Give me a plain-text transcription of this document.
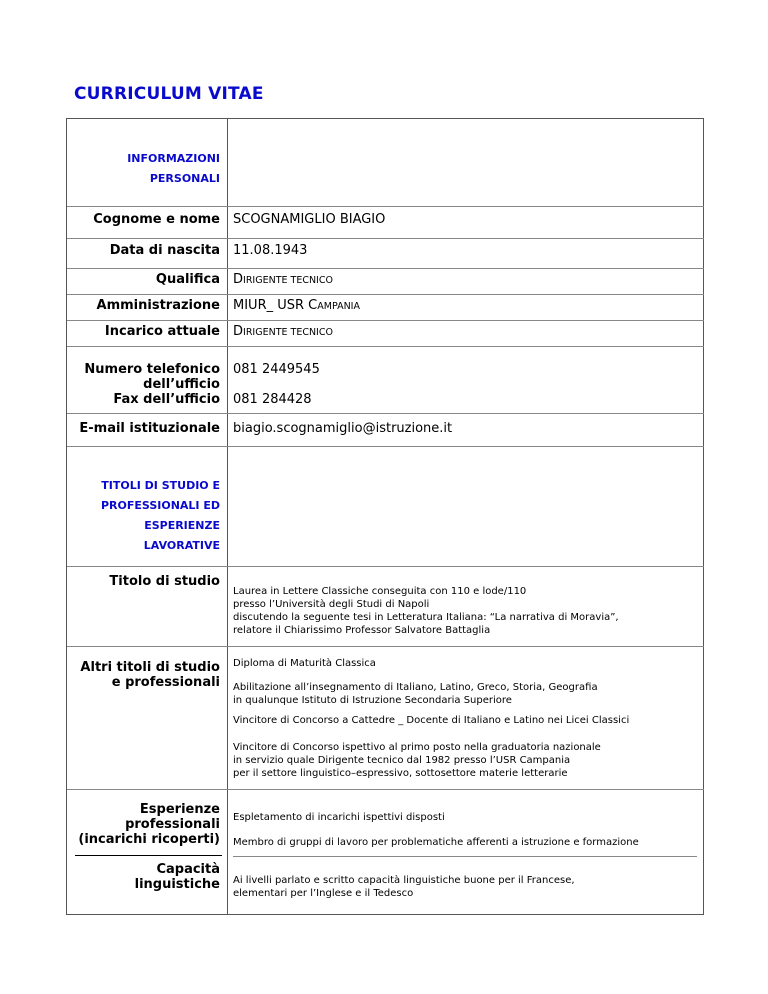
CURRICULUM VITAE
INFORMAZIONI
PERSONALI
Cognome e nome SCOGNAMIGLIO BIAGIO
Data di nascita 11.08.1943
Qualifica DIRIGENTE TECNICO
Amministrazione MIUR_ USR CAMPANIA
Incarico attuale DIRIGENTE TECNICO
Numero telefonico
dell’ufficio
081 2449545
Fax dell’ufficio 081 284428
E-mail istituzionale biagio.scognamiglio@istruzione.it
TITOLI DI STUDIO E
PROFESSIONALI ED
ESPERIENZE
LAVORATIVE
Titolo di studio
Laurea in Lettere Classiche conseguita con 110 e lode/110
presso l’Università degli Studi di Napoli
discutendo la seguente tesi in Letteratura Italiana: “La narrativa di Moravia”,
relatore il Chiarissimo Professor Salvatore Battaglia
Altri titoli di studio
e professionali
Diploma di Maturità Classica
Abilitazione all’insegnamento di Italiano, Latino, Greco, Storia, Geografia
in qualunque Istituto di Istruzione Secondaria Superiore
Vincitore di Concorso a Cattedre _ Docente di Italiano e Latino nei Licei Classici
Vincitore di Concorso ispettivo al primo posto nella graduatoria nazionale
in servizio quale Dirigente tecnico dal 1982 presso l’USR Campania
per il settore linguistico–espressivo, sottosettore materie letterarie
Esperienze
professionali
(incarichi ricoperti)
Espletamento di incarichi ispettivi disposti
Membro di gruppi di lavoro per problematiche afferenti a istruzione e formazione
Capacità
linguistiche Ai livelli parlato e scritto capacità linguistiche buone per il Francese,
elementari per l’Inglese e il Tedesco
